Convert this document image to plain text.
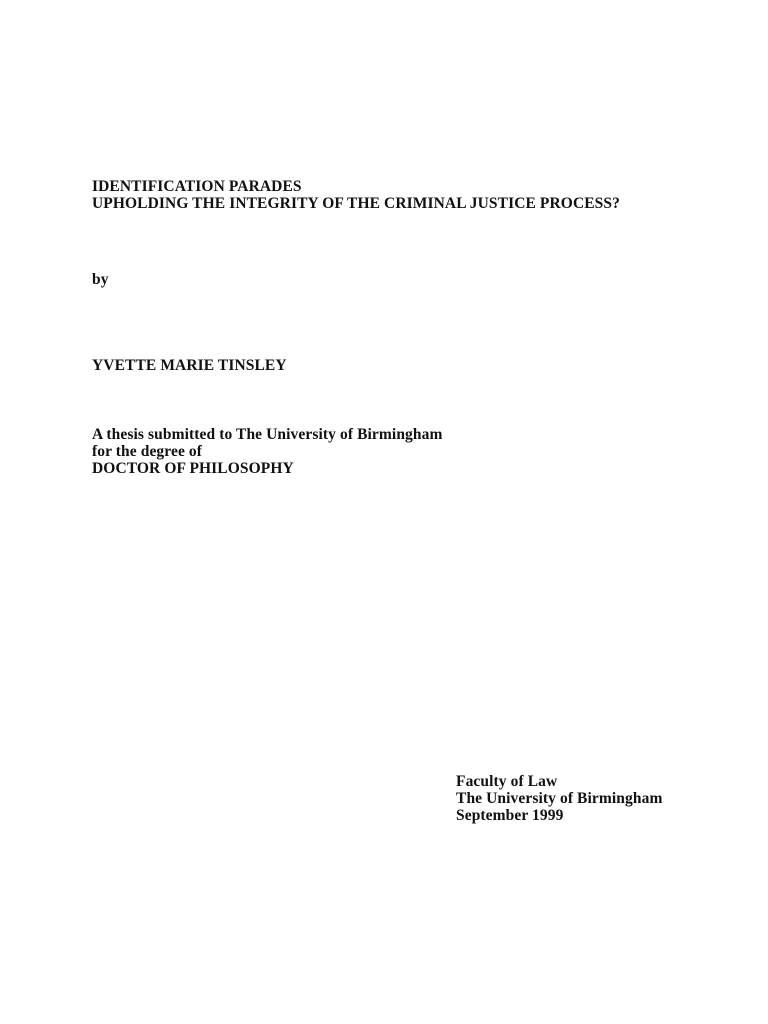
IDENTIFICATION PARADES
UPHOLDING THE INTEGRITY OF THE CRIMINAL JUSTICE PROCESS?
by
YVETTE MARIE TINSLEY
A thesis submitted to The University of Birmingham
for the degree of
DOCTOR OF PHILOSOPHY
Faculty of Law
The University of Birmingham
September 1999
